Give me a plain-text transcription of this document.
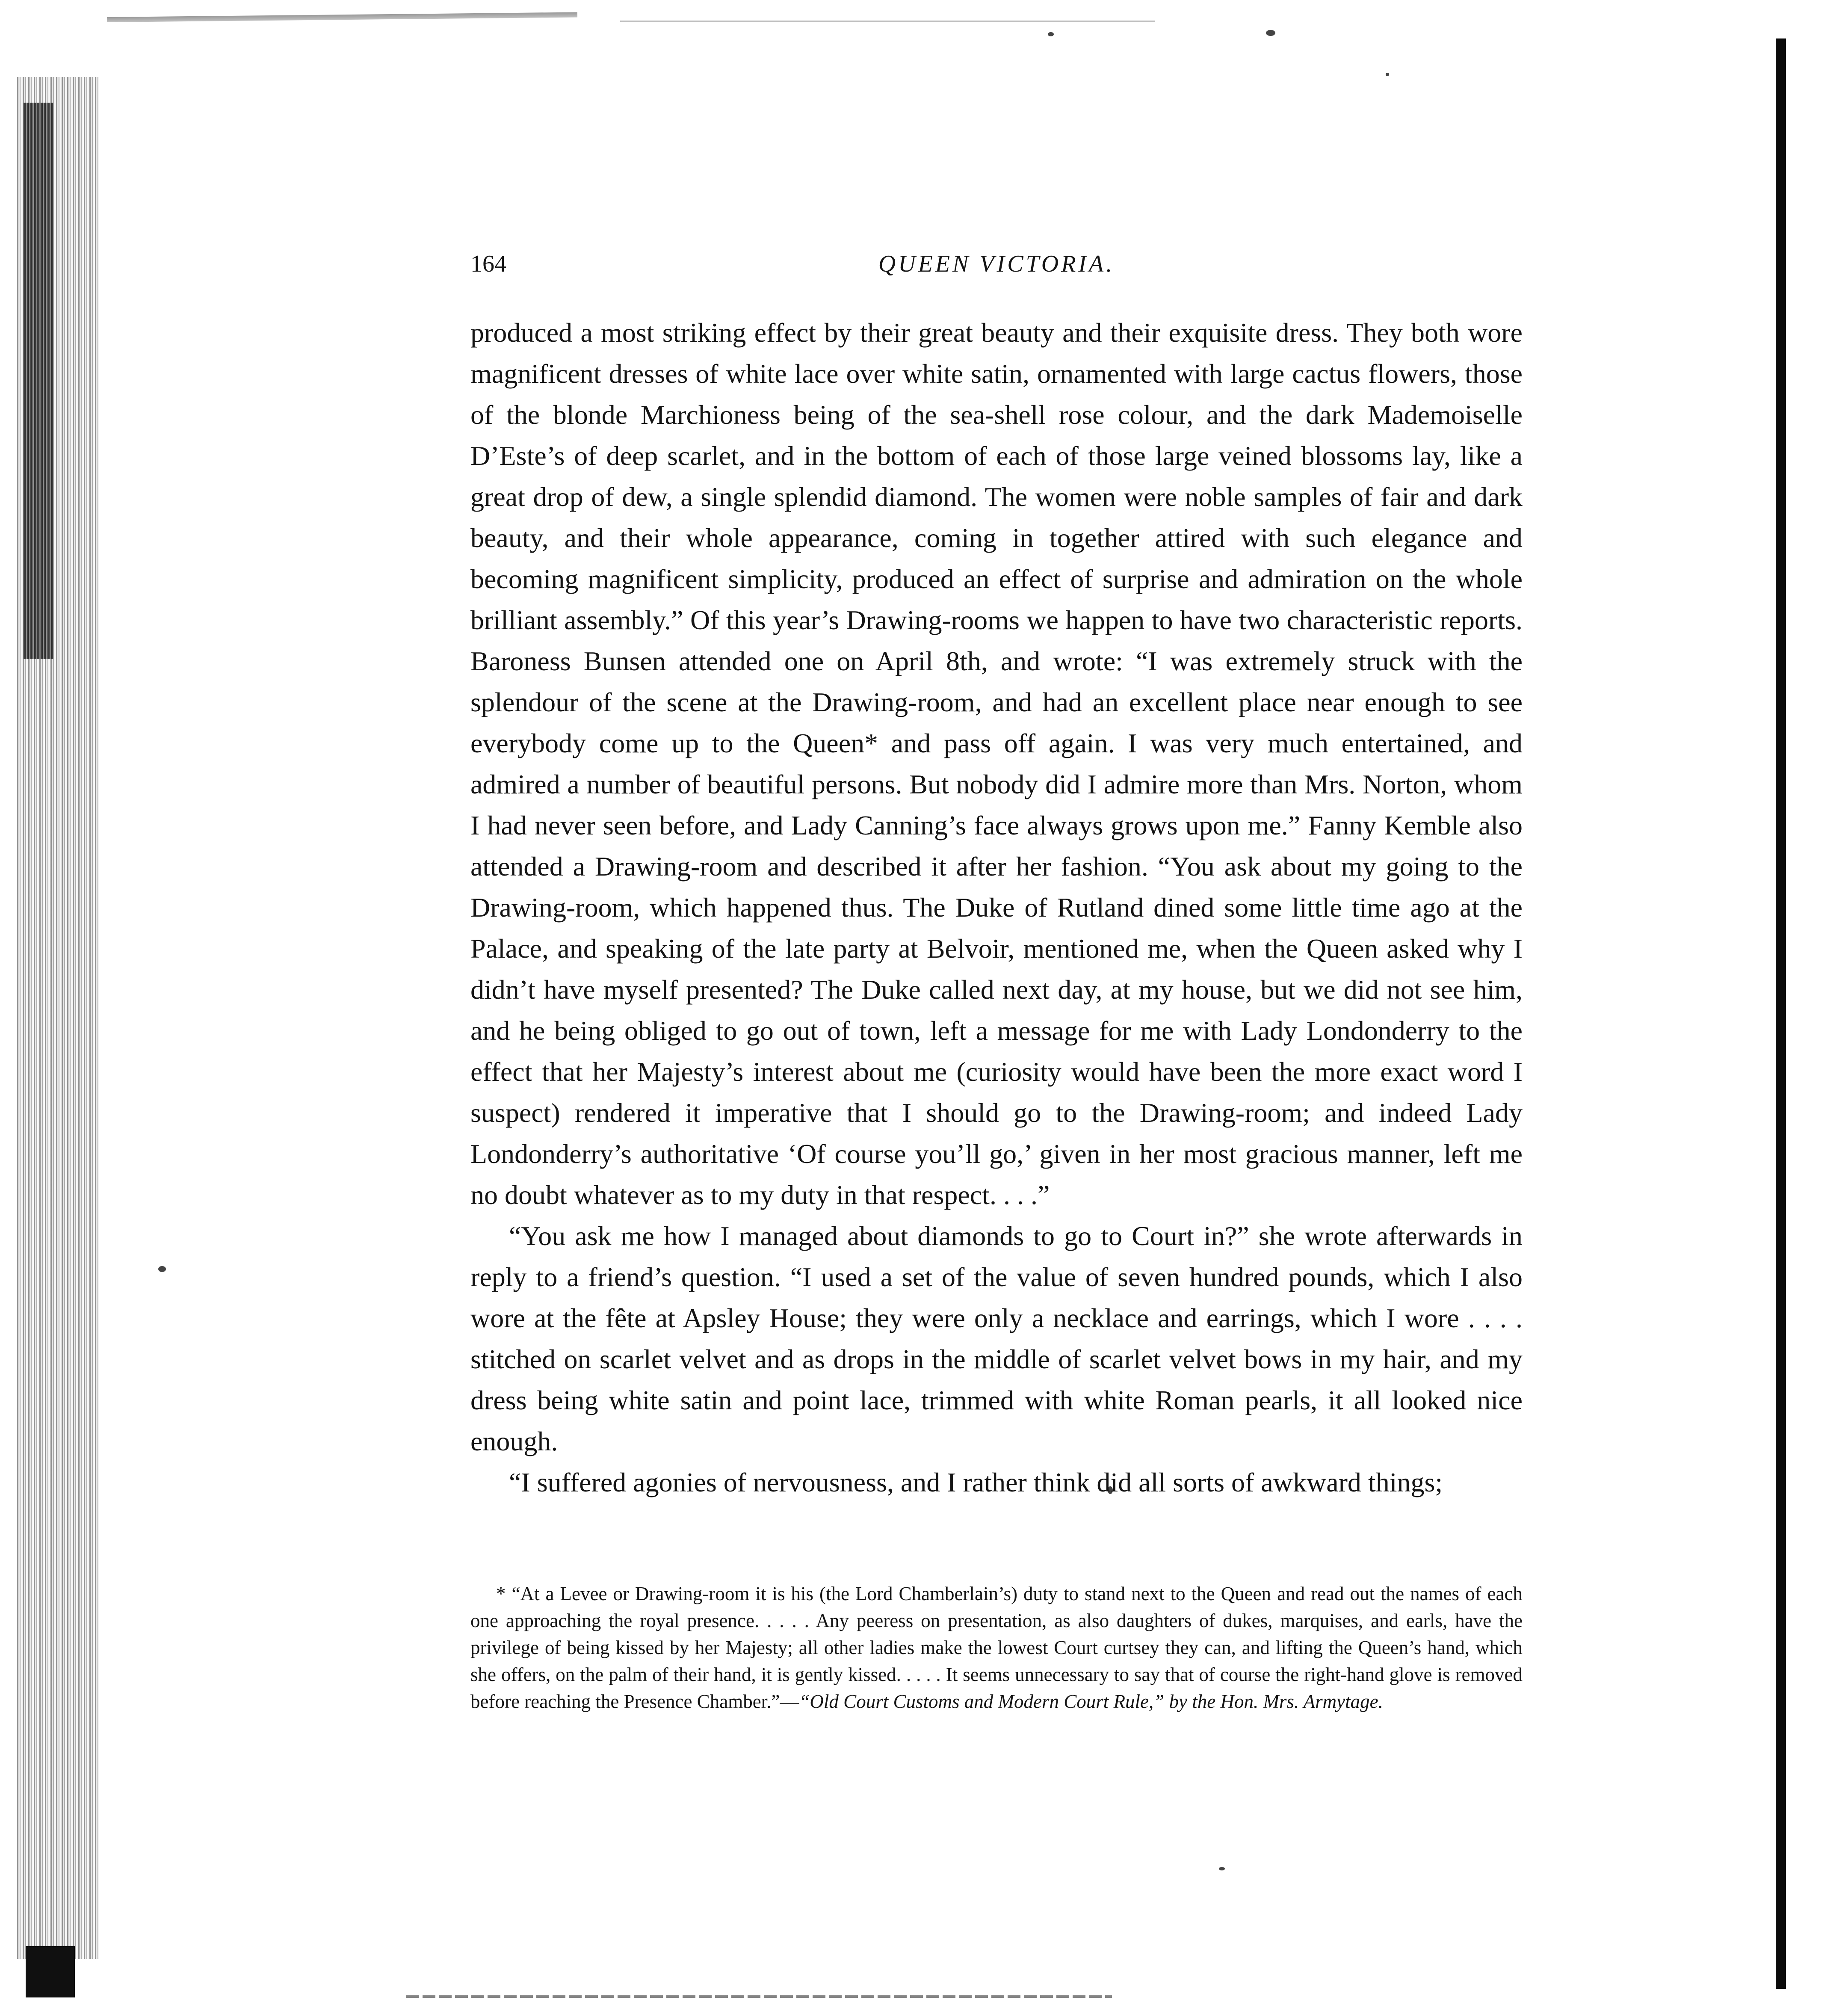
164	QUEEN VICTORIA.

produced a most striking effect by their great beauty and their exquisite dress. They both wore magnificent dresses of white lace over white satin, ornamented with large cactus flowers, those of the blonde Marchioness being of the sea-shell rose colour, and the dark Mademoiselle D’Este’s of deep scarlet, and in the bottom of each of those large veined blossoms lay, like a great drop of dew, a single splendid diamond. The women were noble samples of fair and dark beauty, and their whole appearance, coming in together attired with such elegance and becoming magnificent simplicity, produced an effect of surprise and admiration on the whole brilliant assembly.” Of this year’s Drawing-rooms we happen to have two characteristic reports. Baroness Bunsen attended one on April 8th, and wrote: “I was extremely struck with the splendour of the scene at the Drawing-room, and had an excellent place near enough to see everybody come up to the Queen* and pass off again. I was very much entertained, and admired a number of beautiful persons. But nobody did I admire more than Mrs. Norton, whom I had never seen before, and Lady Canning’s face always grows upon me.” Fanny Kemble also attended a Drawing-room and described it after her fashion. “You ask about my going to the Drawing-room, which happened thus. The Duke of Rutland dined some little time ago at the Palace, and speaking of the late party at Belvoir, mentioned me, when the Queen asked why I didn’t have myself presented? The Duke called next day, at my house, but we did not see him, and he being obliged to go out of town, left a message for me with Lady Londonderry to the effect that her Majesty’s interest about me (curiosity would have been the more exact word I suspect) rendered it imperative that I should go to the Drawing-room; and indeed Lady Londonderry’s authoritative ‘Of course you’ll go,’ given in her most gracious manner, left me no doubt whatever as to my duty in that respect. . . .”

“You ask me how I managed about diamonds to go to Court in?” she wrote afterwards in reply to a friend’s question. “I used a set of the value of seven hundred pounds, which I also wore at the fête at Apsley House; they were only a necklace and earrings, which I wore . . . . stitched on scarlet velvet and as drops in the middle of scarlet velvet bows in my hair, and my dress being white satin and point lace, trimmed with white Roman pearls, it all looked nice enough.

“I suffered agonies of nervousness, and I rather think did all sorts of awkward things;

* “At a Levee or Drawing-room it is his (the Lord Chamberlain’s) duty to stand next to the Queen and read out the names of each one approaching the royal presence. . . . . Any peeress on presentation, as also daughters of dukes, marquises, and earls, have the privilege of being kissed by her Majesty; all other ladies make the lowest Court curtsey they can, and lifting the Queen’s hand, which she offers, on the palm of their hand, it is gently kissed. . . . . It seems unnecessary to say that of course the right-hand glove is removed before reaching the Presence Chamber.”—“Old Court Customs and Modern Court Rule,” by the Hon. Mrs. Armytage.
